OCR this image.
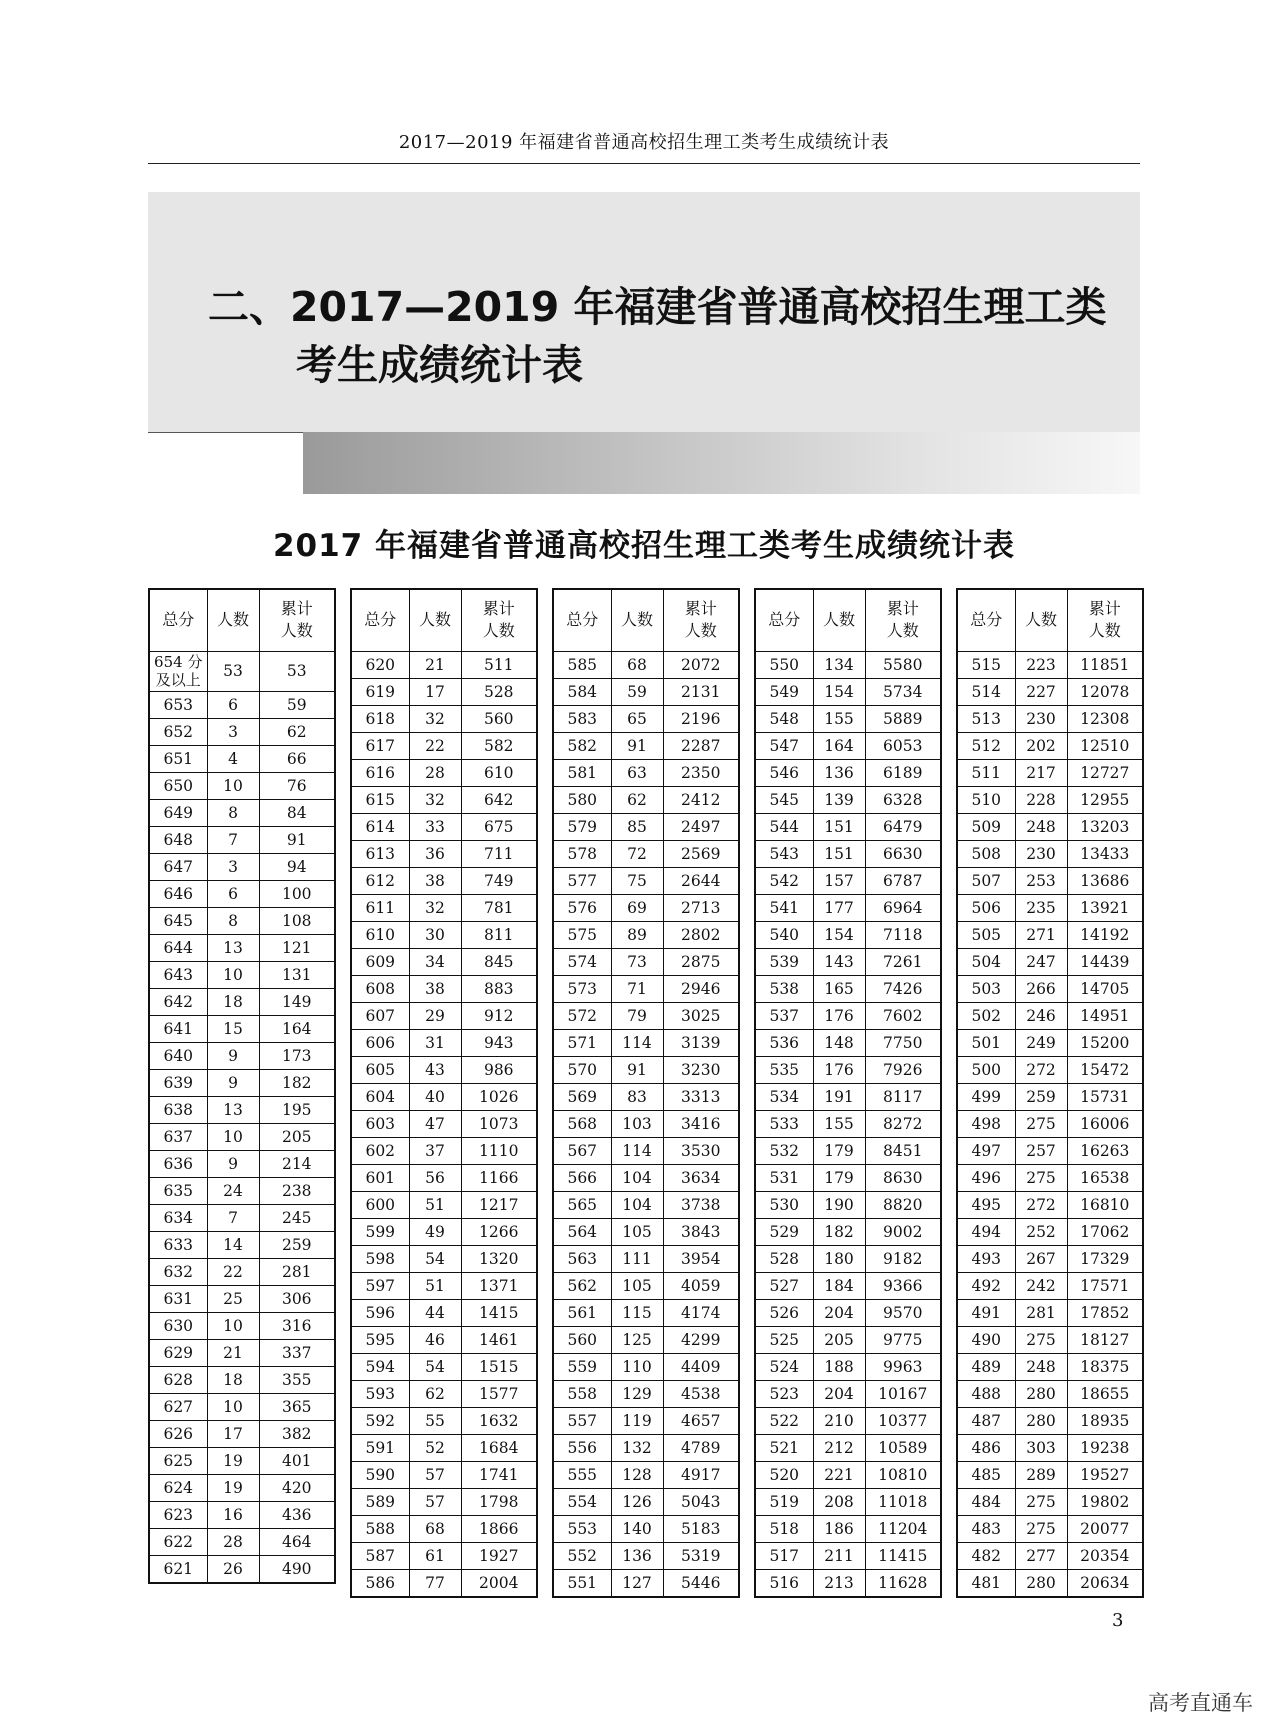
2017—2019 年福建省普通高校招生理工类考生成绩统计表
二、2017—2019 年福建省普通高校招生理工类
考生成绩统计表
2017 年福建省普通高校招生理工类考生成绩统计表
总分	人数	累计
人数
654 分
及以上	53	53
653	6	59
652	3	62
651	4	66
650	10	76
649	8	84
648	7	91
647	3	94
646	6	100
645	8	108
644	13	121
643	10	131
642	18	149
641	15	164
640	9	173
639	9	182
638	13	195
637	10	205
636	9	214
635	24	238
634	7	245
633	14	259
632	22	281
631	25	306
630	10	316
629	21	337
628	18	355
627	10	365
626	17	382
625	19	401
624	19	420
623	16	436
622	28	464
621	26	490
总分	人数	累计
人数
620	21	511
619	17	528
618	32	560
617	22	582
616	28	610
615	32	642
614	33	675
613	36	711
612	38	749
611	32	781
610	30	811
609	34	845
608	38	883
607	29	912
606	31	943
605	43	986
604	40	1026
603	47	1073
602	37	1110
601	56	1166
600	51	1217
599	49	1266
598	54	1320
597	51	1371
596	44	1415
595	46	1461
594	54	1515
593	62	1577
592	55	1632
591	52	1684
590	57	1741
589	57	1798
588	68	1866
587	61	1927
586	77	2004
总分	人数	累计
人数
585	68	2072
584	59	2131
583	65	2196
582	91	2287
581	63	2350
580	62	2412
579	85	2497
578	72	2569
577	75	2644
576	69	2713
575	89	2802
574	73	2875
573	71	2946
572	79	3025
571	114	3139
570	91	3230
569	83	3313
568	103	3416
567	114	3530
566	104	3634
565	104	3738
564	105	3843
563	111	3954
562	105	4059
561	115	4174
560	125	4299
559	110	4409
558	129	4538
557	119	4657
556	132	4789
555	128	4917
554	126	5043
553	140	5183
552	136	5319
551	127	5446
总分	人数	累计
人数
550	134	5580
549	154	5734
548	155	5889
547	164	6053
546	136	6189
545	139	6328
544	151	6479
543	151	6630
542	157	6787
541	177	6964
540	154	7118
539	143	7261
538	165	7426
537	176	7602
536	148	7750
535	176	7926
534	191	8117
533	155	8272
532	179	8451
531	179	8630
530	190	8820
529	182	9002
528	180	9182
527	184	9366
526	204	9570
525	205	9775
524	188	9963
523	204	10167
522	210	10377
521	212	10589
520	221	10810
519	208	11018
518	186	11204
517	211	11415
516	213	11628
总分	人数	累计
人数
515	223	11851
514	227	12078
513	230	12308
512	202	12510
511	217	12727
510	228	12955
509	248	13203
508	230	13433
507	253	13686
506	235	13921
505	271	14192
504	247	14439
503	266	14705
502	246	14951
501	249	15200
500	272	15472
499	259	15731
498	275	16006
497	257	16263
496	275	16538
495	272	16810
494	252	17062
493	267	17329
492	242	17571
491	281	17852
490	275	18127
489	248	18375
488	280	18655
487	280	18935
486	303	19238
485	289	19527
484	275	19802
483	275	20077
482	277	20354
481	280	20634
3
高考直通车
